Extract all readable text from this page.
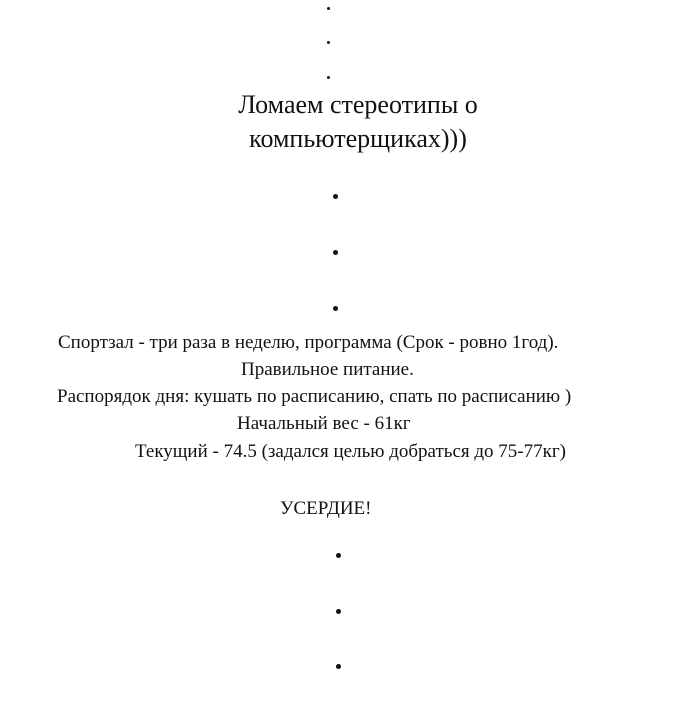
Ломаем стереотипы о
компьютерщиках)))
Спортзал - три раза в неделю, программа (Срок - ровно 1год).
Правильное питание.
Распорядок дня: кушать по расписанию, спать по расписанию )
Начальный вес - 61кг
Текущий - 74.5 (задался целью добраться до 75-77кг)
УСЕРДИЕ!
